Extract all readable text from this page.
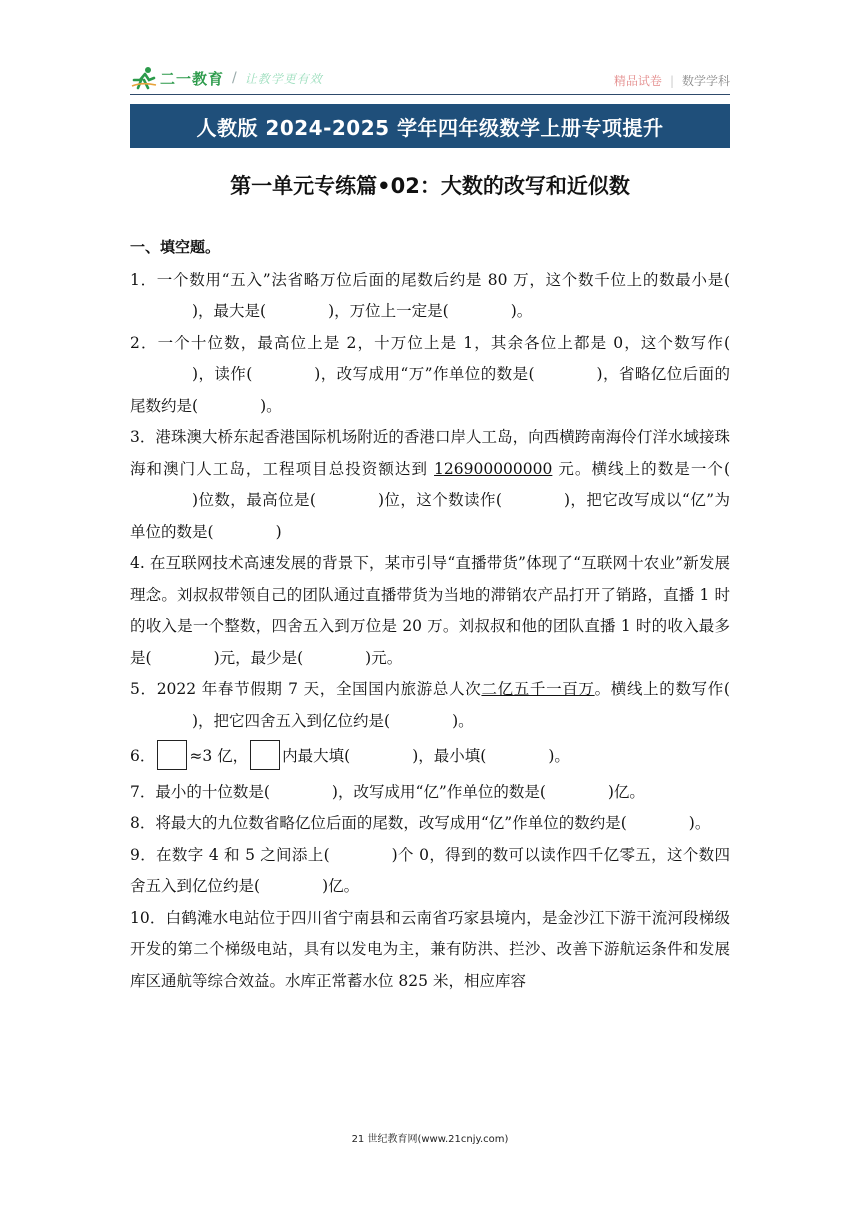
二一教育 / 让教学更有效	精品试卷 | 数学学科
人教版 2024-2025 学年四年级数学上册专项提升
第一单元专练篇•02：大数的改写和近似数
一、填空题。

1．一个数用“五入”法省略万位后面的尾数后约是 80 万，这个数千位上的数最小是()，最大是(	)，万位上一定是(	)。

2．一个十位数，最高位上是 2，十万位上是 1，其余各位上都是 0，这个数写作()，读作(	)，改写成用“万”作单位的数是(	)，省略亿位后面的尾数约是(	)。

3．港珠澳大桥东起香港国际机场附近的香港口岸人工岛，向西横跨南海伶仃洋水域接珠海和澳门人工岛，工程项目总投资额达到 126900000000 元。横线上的数是一个()位数，最高位是(	)位，这个数读作(	)，把它改写成以“亿”为单位的数是(	)

4. 在互联网技术高速发展的背景下，某市引导“直播带货”体现了“互联网十农业”新发展理念。刘叔叔带领自己的团队通过直播带货为当地的滞销农产品打开了销路，直播 1 时的收入是一个整数，四舍五入到万位是 20 万。刘叔叔和他的团队直播 1 时的收入最多是(	)元，最少是(	)元。

5．2022 年春节假期 7 天，全国国内旅游总人次二亿五千一百万。横线上的数写作()，把它四舍五入到亿位约是(	)。

6． ≈3 亿， 内最大填(	)，最小填(	)。

7．最小的十位数是(	)，改写成用“亿”作单位的数是(	)亿。

8．将最大的九位数省略亿位后面的尾数，改写成用“亿”作单位的数约是(	)。

9．在数字 4 和 5 之间添上(	)个 0，得到的数可以读作四千亿零五，这个数四舍五入到亿位约是(	)亿。

10．白鹤滩水电站位于四川省宁南县和云南省巧家县境内，是金沙江下游干流河段梯级开发的第二个梯级电站，具有以发电为主，兼有防洪、拦沙、改善下游航运条件和发展库区通航等综合效益。水库正常蓄水位 825 米，相应库容

21 世纪教育网(www.21cnjy.com)
